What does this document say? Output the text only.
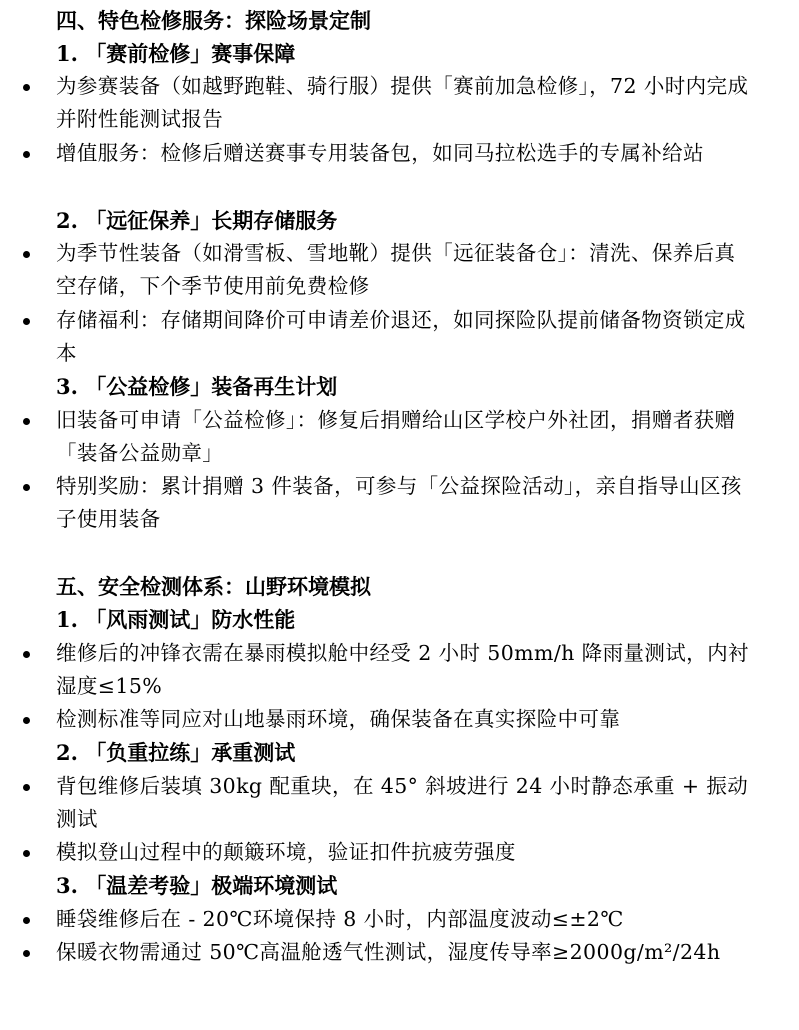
四、特色检修服务：探险场景定制
1. 「赛前检修」赛事保障
为参赛装备（如越野跑鞋、骑行服）提供「赛前加急检修」，72 小时内完成并附性能测试报告
增值服务：检修后赠送赛事专用装备包，如同马拉松选手的专属补给站
2. 「远征保养」长期存储服务
为季节性装备（如滑雪板、雪地靴）提供「远征装备仓」：清洗、保养后真空存储，下个季节使用前免费检修
存储福利：存储期间降价可申请差价退还，如同探险队提前储备物资锁定成本
3. 「公益检修」装备再生计划
旧装备可申请「公益检修」：修复后捐赠给山区学校户外社团，捐赠者获赠「装备公益勋章」
特别奖励：累计捐赠 3 件装备，可参与「公益探险活动」，亲自指导山区孩子使用装备
五、安全检测体系：山野环境模拟
1. 「风雨测试」防水性能
维修后的冲锋衣需在暴雨模拟舱中经受 2 小时 50mm/h 降雨量测试，内衬湿度≤15%
检测标准等同应对山地暴雨环境，确保装备在真实探险中可靠
2. 「负重拉练」承重测试
背包维修后装填 30kg 配重块，在 45° 斜坡进行 24 小时静态承重 + 振动测试
模拟登山过程中的颠簸环境，验证扣件抗疲劳强度
3. 「温差考验」极端环境测试
睡袋维修后在 - 20℃环境保持 8 小时，内部温度波动≤±2℃
保暖衣物需通过 50℃高温舱透气性测试，湿度传导率≥2000g/m²/24h
